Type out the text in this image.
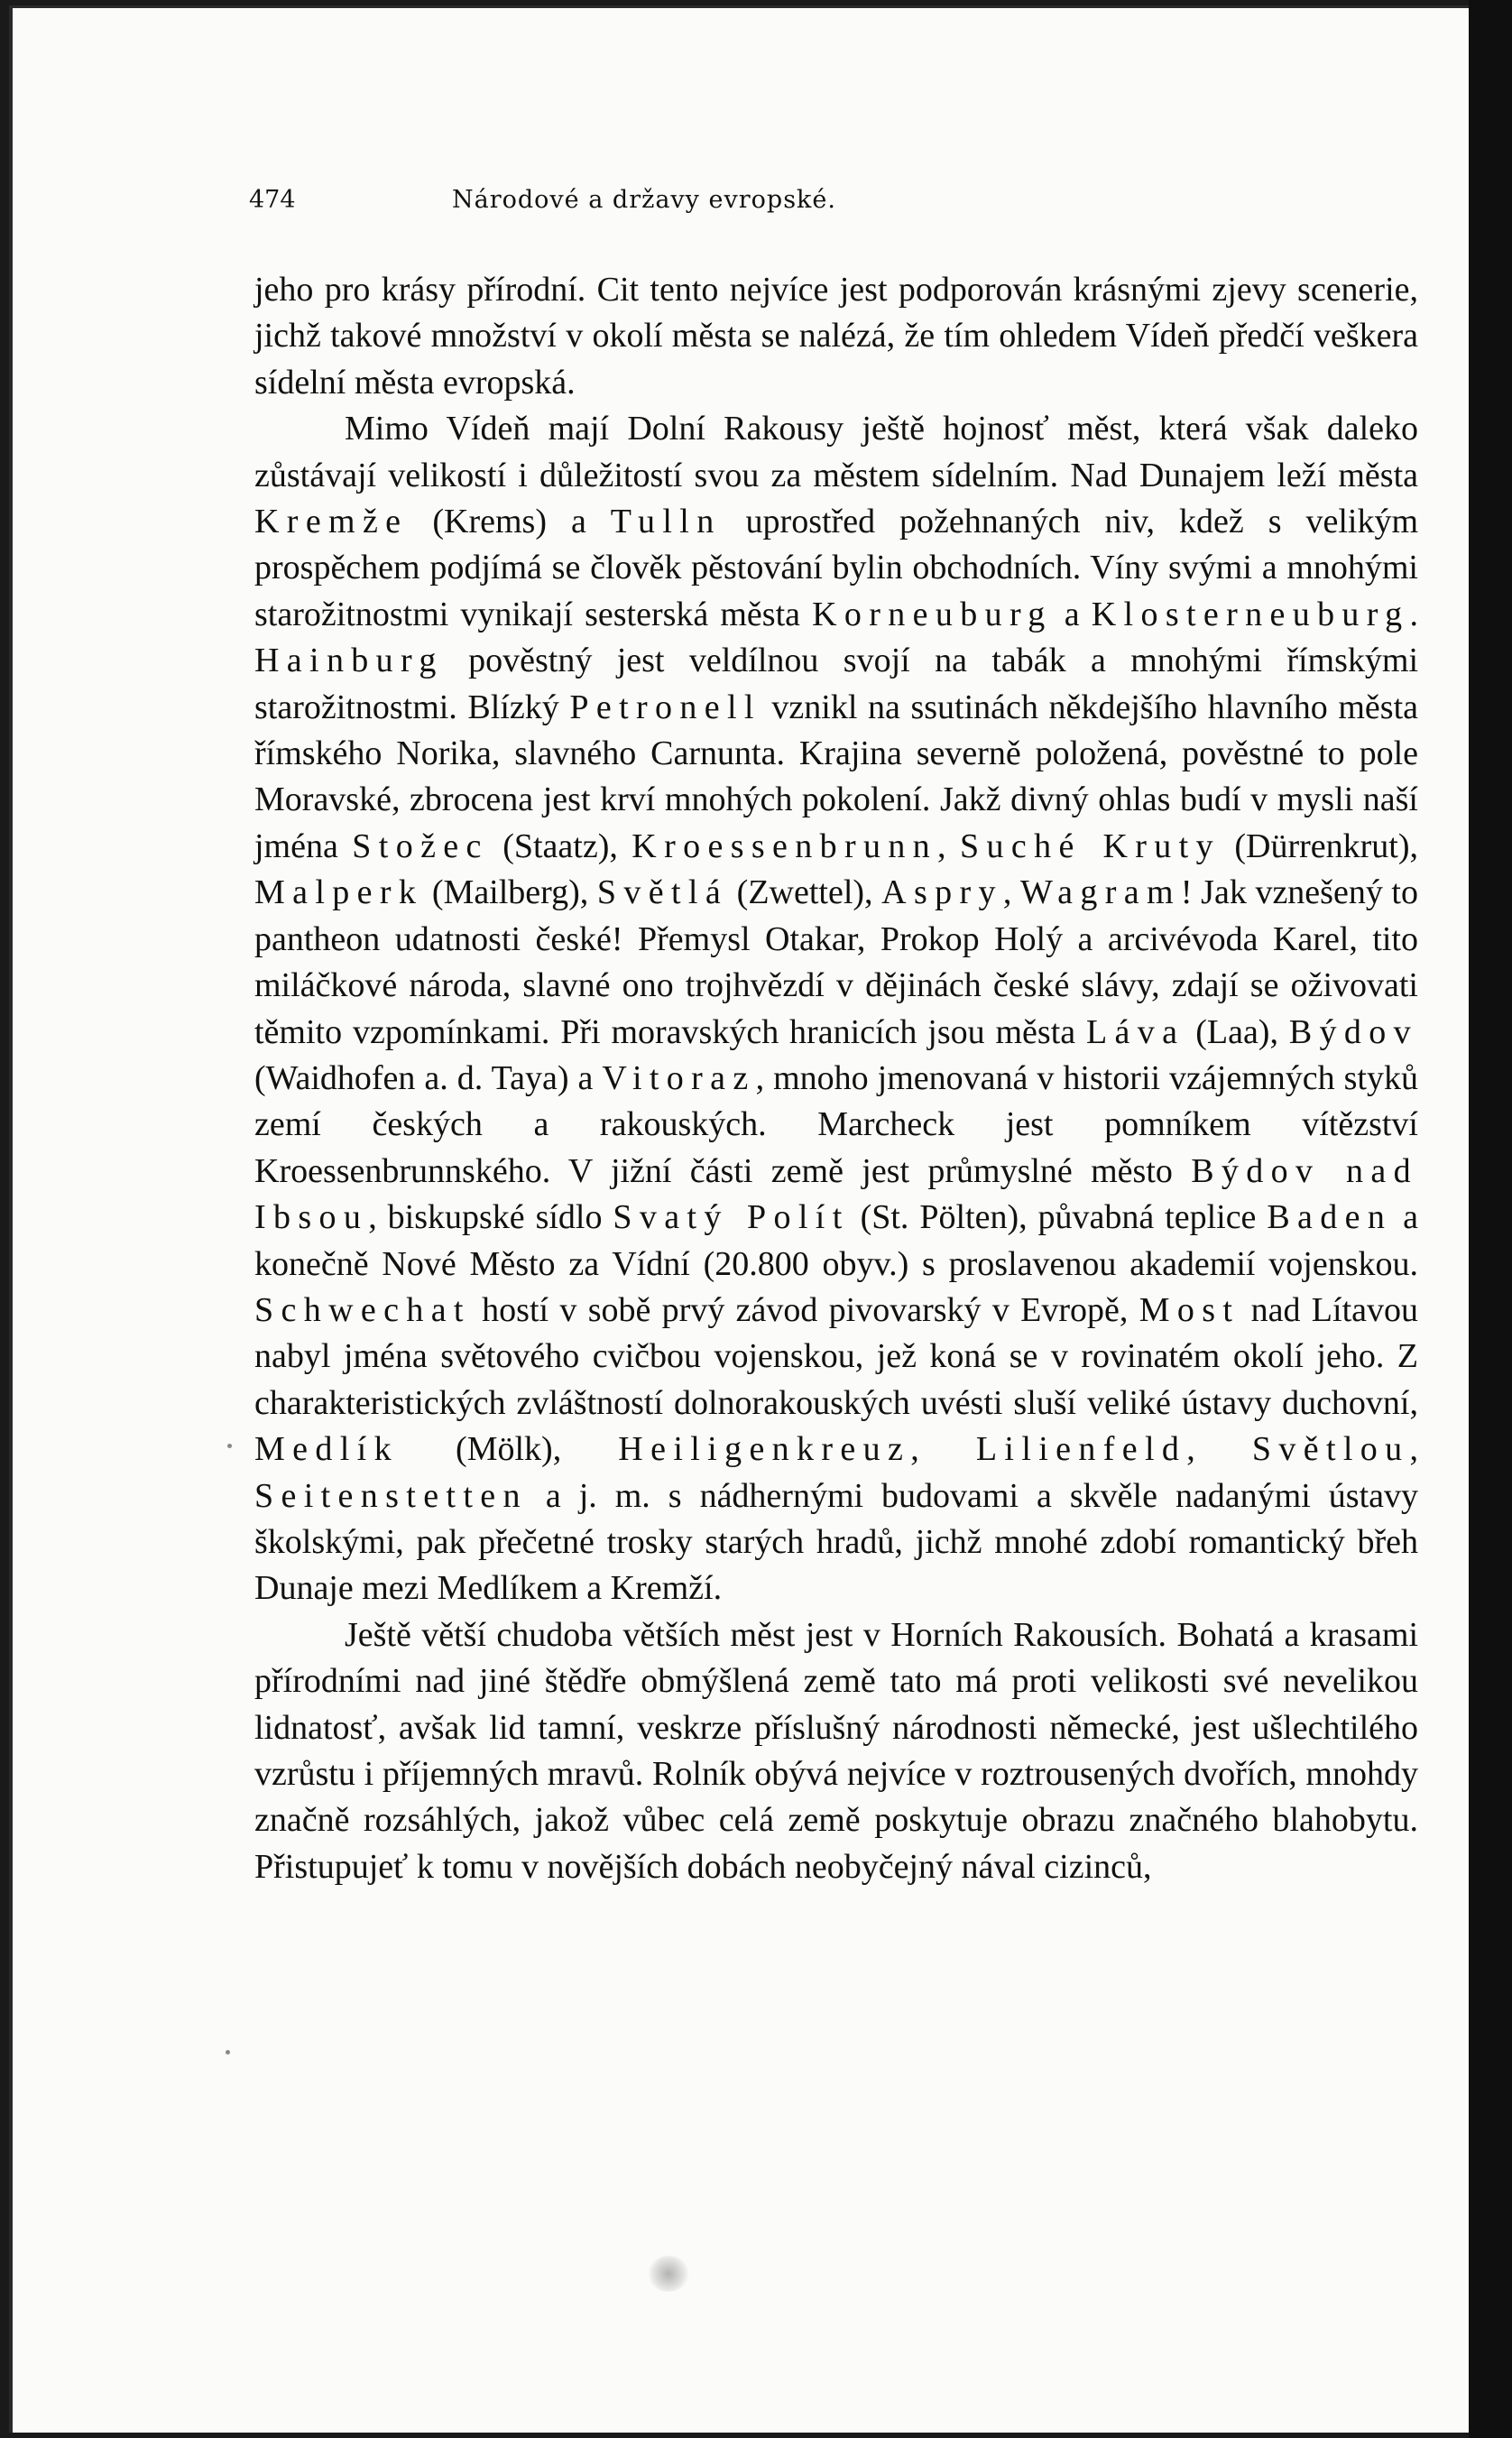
474	Národové a državy evropské.

jeho pro krásy přírodní. Cit tento nejvíce jest podporován krásnými zjevy scenerie, jichž takové množství v okolí města se nalézá, že tím ohledem Vídeň předčí veškera sídelní města evropská.

Mimo Vídeň mají Dolní Rakousy ještě hojnosť měst, která však daleko zůstávají velikostí i důležitostí svou za městem sídelním. Nad Dunajem leží města Kremže (Krems) a Tulln uprostřed požehnaných niv, kdež s velikým prospěchem podjímá se člověk pěstování bylin obchodních. Víny svými a mnohými starožitnostmi vynikají sesterská města Korneuburg a Klosterneuburg. Hainburg pověstný jest veldílnou svojí na tabák a mnohými římskými starožitnostmi. Blízký Petronell vznikl na ssutinách někdejšího hlavního města římského Norika, slavného Carnunta. Krajina severně položená, pověstné to pole Moravské, zbrocena jest krví mnohých pokolení. Jakž divný ohlas budí v mysli naší jména Stožec (Staatz), Kroessenbrunn, Suché Kruty (Dürrenkrut), Malperk (Mailberg), Světlá (Zwettel), Aspry, Wagram! Jak vznešený to pantheon udatnosti české! Přemysl Otakar, Prokop Holý a arcivévoda Karel, tito miláčkové národa, slavné ono trojhvězdí v dějinách české slávy, zdají se oživovati těmito vzpomínkami. Při moravských hranicích jsou města Láva (Laa), Býdov (Waidhofen a. d. Taya) a Vitoraz, mnoho jmenovaná v historii vzájemných styků zemí českých a rakouských. Marcheck jest pomníkem vítězství Kroessenbrunnského. V jižní části země jest průmyslné město Býdov nad Ibsou, biskupské sídlo Svatý Polít (St. Pölten), půvabná teplice Baden a konečně Nové Město za Vídní (20.800 obyv.) s proslavenou akademií vojenskou. Schwechat hostí v sobě prvý závod pivovarský v Evropě, Most nad Lítavou nabyl jména světového cvičbou vojenskou, jež koná se v rovinatém okolí jeho. Z charakteristických zvláštností dolnorakouských uvésti sluší veliké ústavy duchovní, Medlík (Mölk), Heiligenkreuz, Lilienfeld, Světlou, Seitenstetten a j. m. s nádhernými budovami a skvěle nadanými ústavy školskými, pak přečetné trosky starých hradů, jichž mnohé zdobí romantický břeh Dunaje mezi Medlíkem a Kremží.

Ještě větší chudoba větších měst jest v Horních Rakousích. Bohatá a krasami přírodními nad jiné štědře obmýšlená země tato má proti velikosti své nevelikou lidnatosť, avšak lid tamní, veskrze příslušný národnosti německé, jest ušlechtilého vzrůstu i příjemných mravů. Rolník obývá nejvíce v roztrousených dvořích, mnohdy značně rozsáhlých, jakož vůbec celá země poskytuje obrazu značného blahobytu. Přistupujeť k tomu v novějších dobách neobyčejný nával cizinců,
